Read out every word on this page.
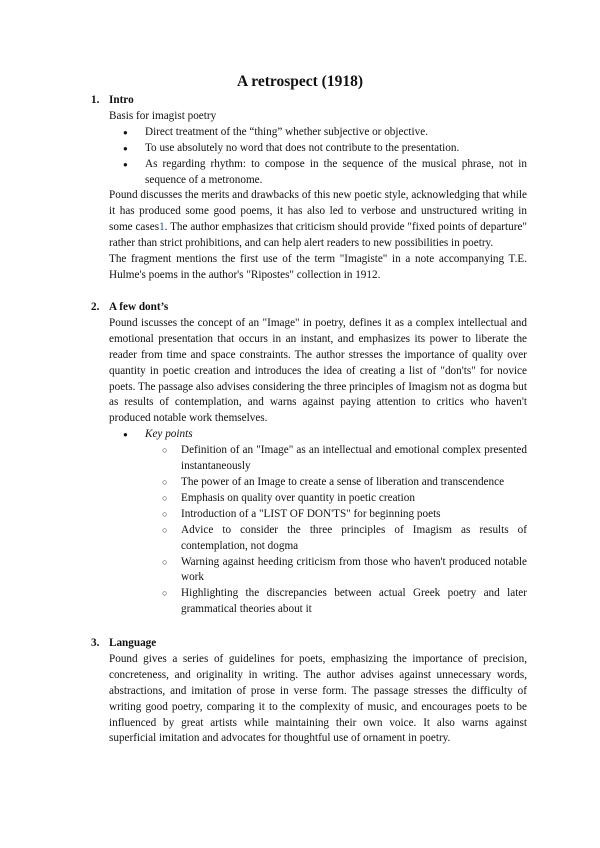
A retrospect (1918)
1. Intro

Basis for imagist poetry

● Direct treatment of the “thing” whether subjective or objective.
● To use absolutely no word that does not contribute to the presentation.
● As regarding rhythm: to compose in the sequence of the musical phrase, not in sequence of a metronome.

Pound discusses the merits and drawbacks of this new poetic style, acknowledging that while it has produced some good poems, it has also led to verbose and unstructured writing in some cases1. The author emphasizes that criticism should provide "fixed points of departure" rather than strict prohibitions, and can help alert readers to new possibilities in poetry.

The fragment mentions the first use of the term "Imagiste" in a note accompanying T.E. Hulme's poems in the author's "Ripostes" collection in 1912.

2. A few dont’s

Pound iscusses the concept of an "Image" in poetry, defines it as a complex intellectual and emotional presentation that occurs in an instant, and emphasizes its power to liberate the reader from time and space constraints. The author stresses the importance of quality over quantity in poetic creation and introduces the idea of creating a list of "don'ts" for novice poets. The passage also advises considering the three principles of Imagism not as dogma but as results of contemplation, and warns against paying attention to critics who haven't produced notable work themselves.

● Key points
○ Definition of an "Image" as an intellectual and emotional complex presented instantaneously
○ The power of an Image to create a sense of liberation and transcendence
○ Emphasis on quality over quantity in poetic creation
○ Introduction of a "LIST OF DON'TS" for beginning poets
○ Advice to consider the three principles of Imagism as results of contemplation, not dogma
○ Warning against heeding criticism from those who haven't produced notable work
○ Highlighting the discrepancies between actual Greek poetry and later grammatical theories about it
3. Language

Pound gives a series of guidelines for poets, emphasizing the importance of precision, concreteness, and originality in writing. The author advises against unnecessary words, abstractions, and imitation of prose in verse form. The passage stresses the difficulty of writing good poetry, comparing it to the complexity of music, and encourages poets to be influenced by great artists while maintaining their own voice. It also warns against superficial imitation and advocates for thoughtful use of ornament in poetry.
